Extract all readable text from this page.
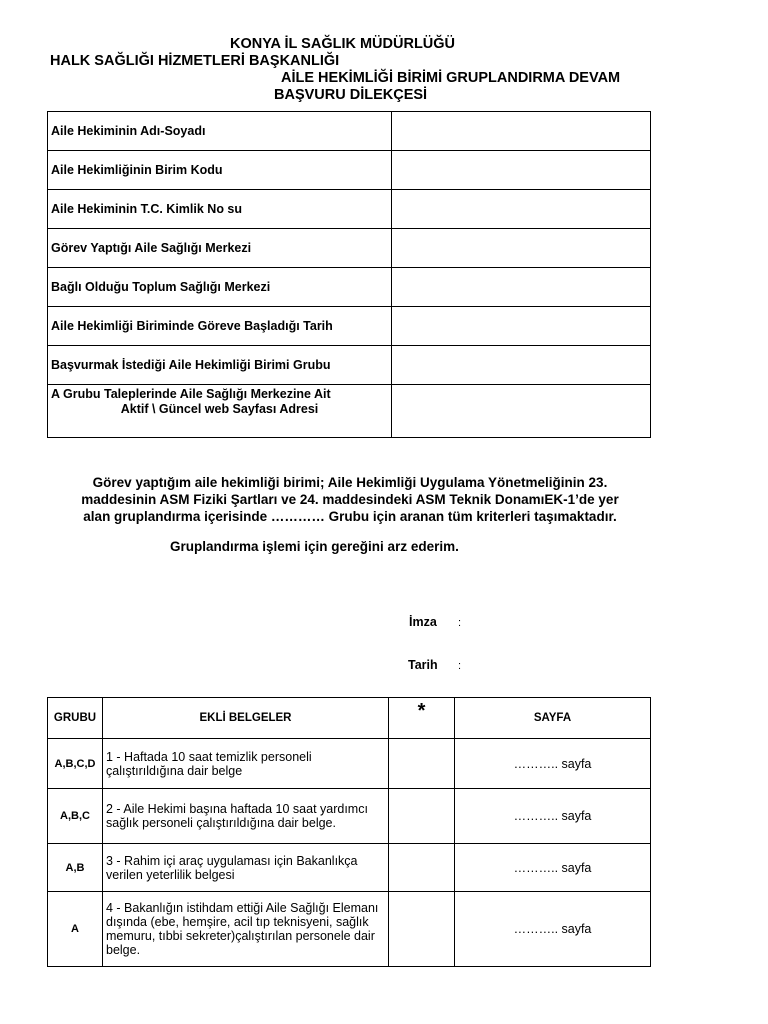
KONYA İL SAĞLIK MÜDÜRLÜĞÜ
HALK SAĞLIĞI HİZMETLERİ BAŞKANLIĞI
AİLE HEKİMLİĞİ BİRİMİ GRUPLANDIRMA DEVAM
BAŞVURU DİLEKÇESİ
Aile Hekiminin Adı-Soyadı	
Aile Hekimliğinin Birim Kodu	
Aile Hekiminin T.C. Kimlik No su	
Görev Yaptığı Aile Sağlığı Merkezi	
Bağlı Olduğu Toplum Sağlığı Merkezi	
Aile Hekimliği Biriminde Göreve Başladığı Tarih	
Başvurmak İstediği Aile Hekimliği Birimi Grubu	

A Grubu Taleplerinde Aile Sağlığı Merkezine Ait
Aktif \ Güncel web Sayfası Adresi	
Görev yaptığım aile hekimliği birimi; Aile Hekimliği Uygulama Yönetmeliğinin 23.
maddesinin ASM Fiziki Şartları ve 24. maddesindeki ASM Teknik DonamıEK-1’de yer
alan gruplandırma içerisinde ………… Grubu için aranan tüm kriterleri taşımaktadır.
Gruplandırma işlemi için gereğini arz ederim.
İmza :
Tarih :
GRUBU	EKLİ BELGELER	*	SAYFA
A,B,C,D	1 - Haftada 10 saat temizlik personeli çalıştırıldığına dair belge		……….. sayfa
A,B,C	2 - Aile Hekimi başına haftada 10 saat yardımcı sağlık personeli çalıştırıldığına dair belge.		……….. sayfa
A,B	3 - Rahim içi araç uygulaması için Bakanlıkça verilen yeterlilik belgesi		……….. sayfa
A	4 - Bakanlığın istihdam ettiği Aile Sağlığı Elemanı dışında (ebe, hemşire, acil tıp teknisyeni, sağlık memuru, tıbbi sekreter)çalıştırılan personele dair belge.		……….. sayfa
